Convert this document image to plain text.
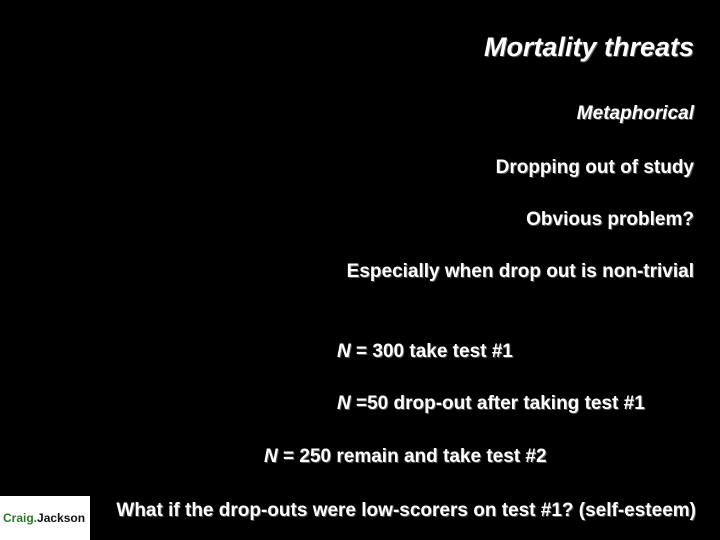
Mortality threats
Metaphorical
Dropping out of study
Obvious problem?
Especially when drop out is non-trivial
N = 300 take test #1
N =50 drop-out after taking test #1
N = 250 remain and take test #2
What if the drop-outs were low-scorers on test #1? (self-esteem)
Craig. Jackson
